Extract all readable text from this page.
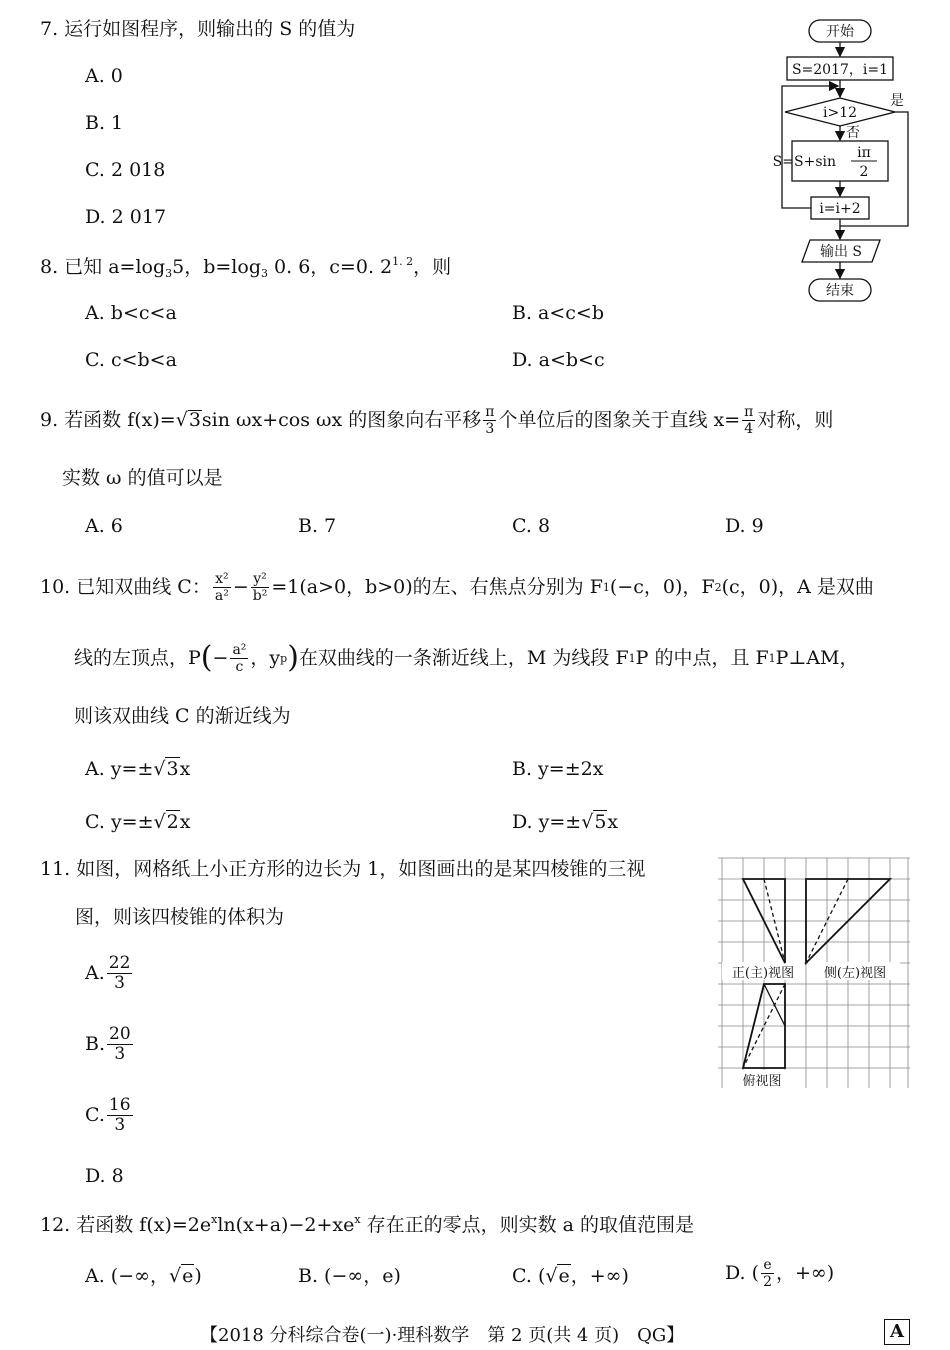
7. 运行如图程序，则输出的 S 的值为
A. 0
B. 1
C. 2 018
D. 2 017
开始
S=2017，i=1
i>12
是
否
S=S+sin
iπ
2
i=i+2
输出 S
结束
8. 已知 $a=\log_35$，$b=\log_3$ 0. 6，c=0. $2^{1. 2}$，则
A. b<c<a	B. a<c<b
C. c<b<a	D. a<b<c
9. 若函数 f(x)=√ 3 sin ωx+cos ωx 的图象向右平移 $\frac{\pi}{3}$ 个单位后的图象关于直线 $x= \frac{\pi}{4}$ 对称，则
实数 ω 的值可以是
A. 6	B. 7	C. 8	D. 9
10. 已知双曲线 C： $\frac{\text{x²}}{\text{a²}} - \frac{\text{y²}}{\text{b²}} =1(a>0$，b>0)的左、右焦点分别为 F 1 (−c，0)，F 2 (c，0)，A 是双曲
线的左顶点，P ( − $\frac{\text{a²}}{c}$ ，y p ) 在双曲线的一条渐近线上，M 为线段 F 1 P 的中点，且 F 1 P⊥AM，
则该双曲线 C 的渐近线为
A. y=±√3x	B. y=±2x
C. y=±√2x	D. y=±√5x
11. 如图，网格纸上小正方形的边长为 1，如图画出的是某四棱锥的三视
图，则该四棱锥的体积为
A. $\frac{22}{3}$
B. $\frac{20}{3}$
C. $\frac{16}{3}$
D. 8
正(主)视图 侧(左)视图
俯视图
12. 若函数 $f(x)=2e^x\ln(x+a)-2+xe^x$ 存在正的零点，则实数 a 的取值范围是
A. (−∞，√e)	B. (−∞，e)	C. (√e，+∞)	D. ( $\frac{e}{2}$ ，+∞)
【2018 分科综合卷(一)·理科数学　第 2 页(共 4 页)　QG】	A
